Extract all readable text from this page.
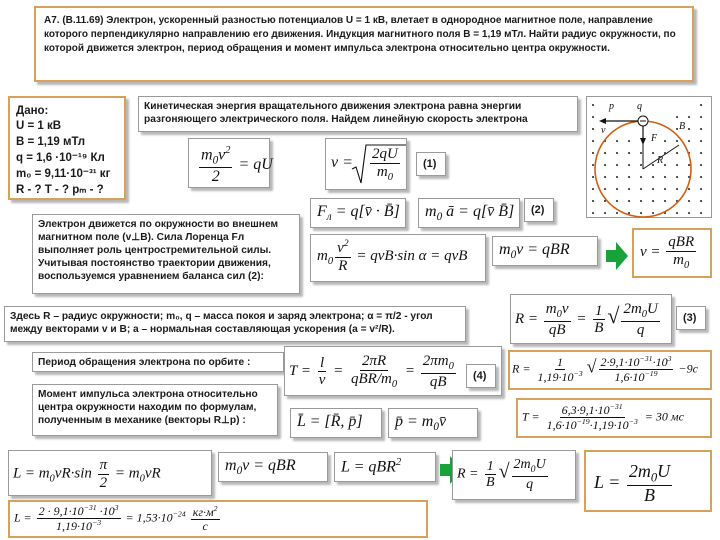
А7. (В.11.69) Электрон, ускоренный разностью потенциалов U = 1 кВ, влетает в однородное магнитное поле, направление которого перпендикулярно направлению его движения. Индукция магнитного поля B = 1,19 мТл. Найти радиус окружности, по которой движется электрон, период обращения и момент импульса электрона относительно центра окружности.
Дано:
U = 1 кВ
B = 1,19 мТл
q = 1,6 ·10⁻¹⁹ Кл
m₀ = 9,11·10⁻³¹ кг
R - ? T - ? pₘ - ?
Кинетическая энергия вращательного движения электрона равна энергии разгоняющего электрического поля. Найдем линейную скорость электрона
$\frac{m_0v^2}{2}$ = qU	$v = \frac{2qU}{m_0} (1)$
p q
v
F
R
B
Электрон движется по окружности во внешнем магнитном поле (v⊥B). Сила Лоренца Fл выполняет роль центростремительной силы. Учитывая постоянство траектории движения, воспользуемся уравнением баланса сил (2):
$F_л$ = q[v̄ · B̄] $m_0$ ā = q[v̄ B̄] (2)
$m_0 \frac{v^2}{R} = qvB\cdot\sin$ α = qvB $m_0v$ = qBR	$v = \frac{\text{qBR}}{m_0}$
$R = \frac{m_0v}{qB} = \frac{1}{B}$ √ $\frac{2m_0U}{q} (3)$
Здесь R – радиус окружности; m₀, q – масса покоя и заряд электрона; α = π/2 - угол между векторами v и B; a – нормальная составляющая ускорения (a = v²/R).
Период обращения электрона по орбите :
$T = \frac{l}{v} = \frac{2\pi R}{qBR/m_0} = \frac{2\pi m_0}{qB} (4)$
$R = \frac{1}{1,19\cdot 10^{-3}}$ √ $\frac{2\cdot 9,1\cdot 10^{-31}\cdot 10^3}{1,6\cdot 10^{-19}} -9с$
Момент импульса электрона относительно центра окружности находим по формулам, полученным в механике (векторы R⊥p) :	$T = \frac{6,3\cdot 9,1\cdot 10^{-31}}{1,6\cdot 10^{-19}\cdot 1,19\cdot 10^{-3}} = 30$ мс
L̄ = [R̄, p̄] p̄ = $m_0v̄$
$L = m_0vR\cdot\sin \frac{\pi}{2} = m_0vR$	$m_0v$ = qBR	L = qBR$^2$
$R = \frac{1}{B}$ √ $\frac{2m_0U}{q}$	$L = \frac{2m_0U}{B}$
$L = \frac{2 \cdot 9,1\cdot 10^{-31} \cdot 10^3}{1,19\cdot 10^{-3}} = 1,53\cdot 10^{-24} \frac{кг\cdot м^2}{с}$
